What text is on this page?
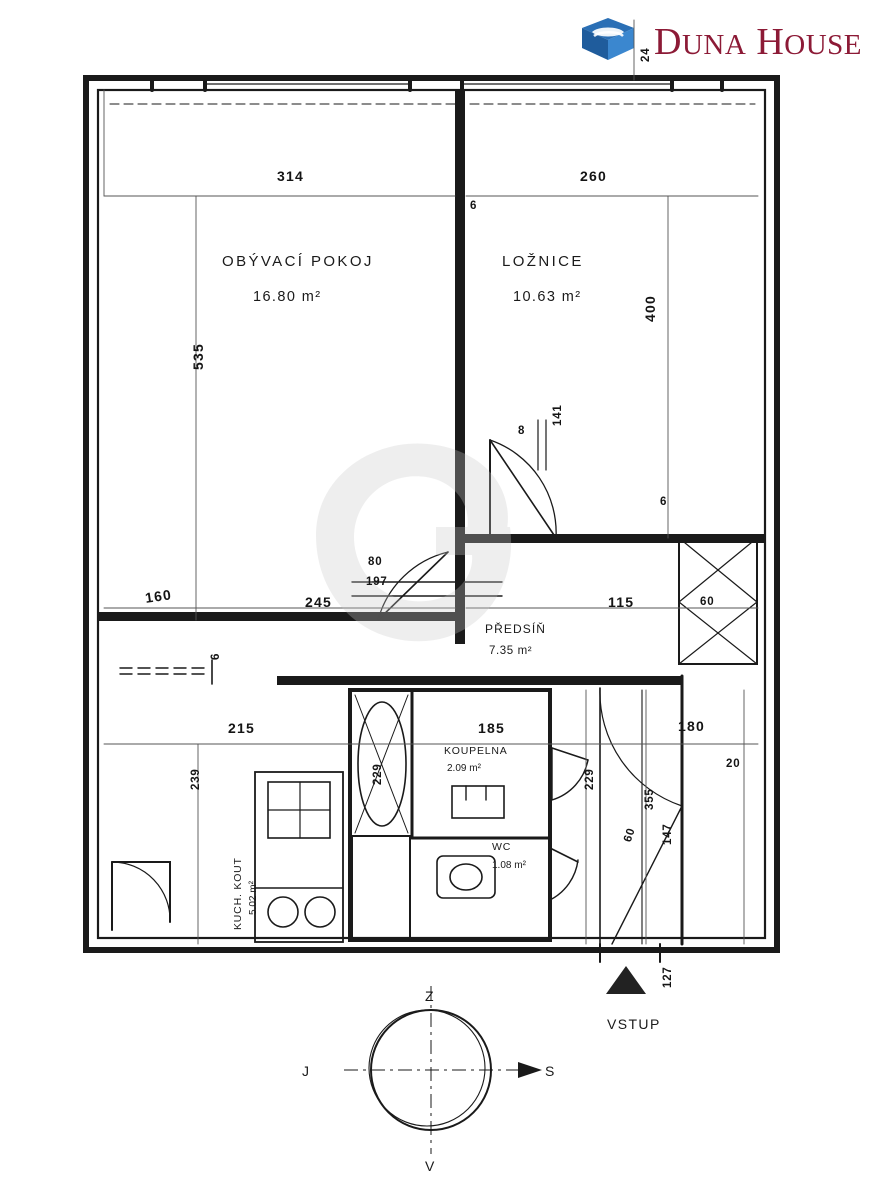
DUNA HOUSE
OBÝVACÍ POKOJ
16.80 m²
LOŽNICE
10.63 m²
PŘEDSÍŇ
7.35 m²
KOUPELNA
2.09 m²
WC
1.08 m²
KUCH. KOUT 5.02 m²
314	260
6
24
535
400
8
141
6
160	245	115	60
80
197
6
215	185	180
239	229	229
355
147
60
20
127
VSTUP
Z
V
S
J
